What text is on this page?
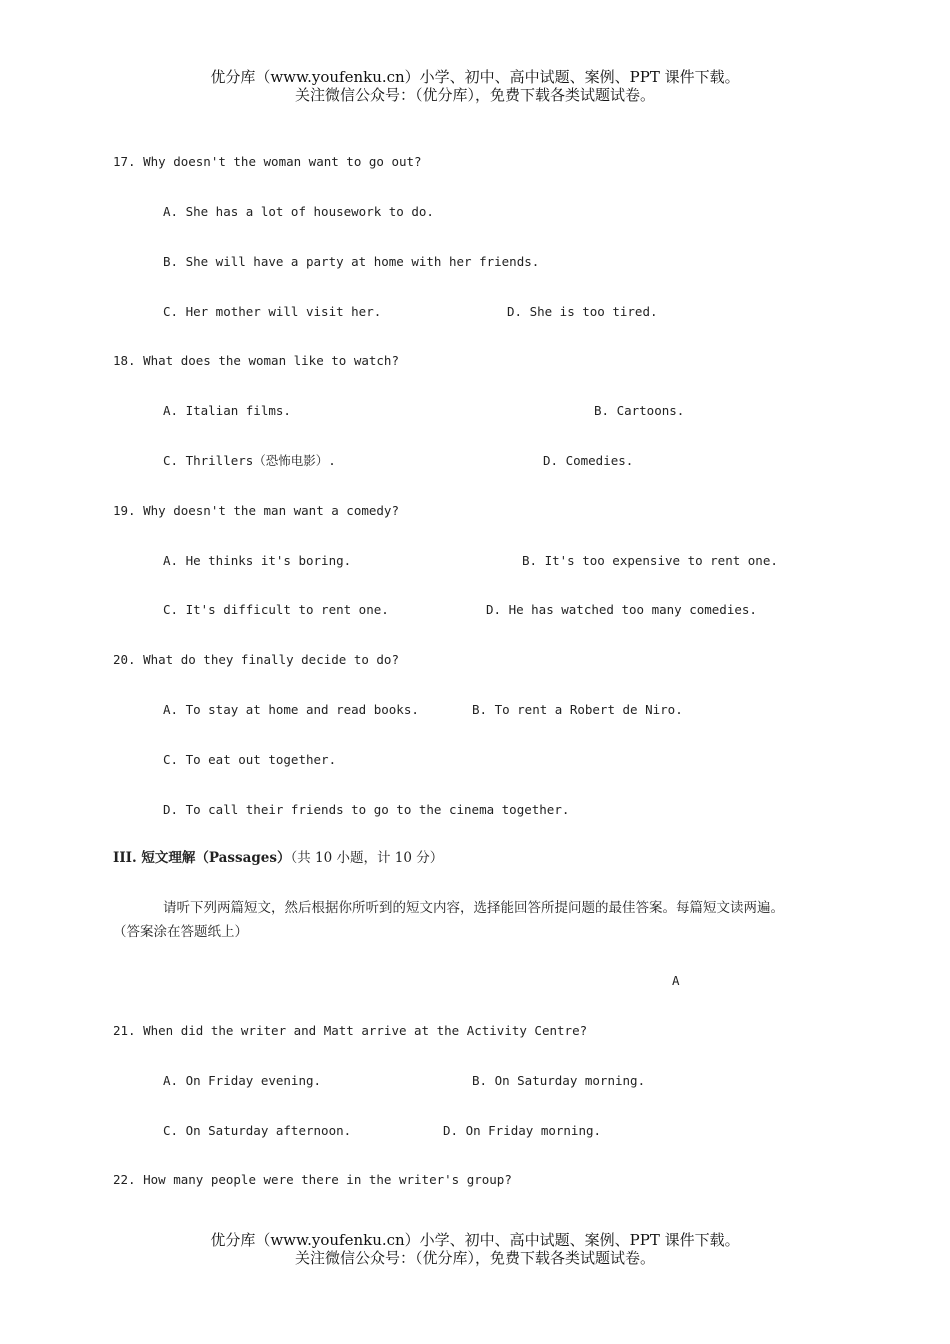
优分库（www.youfenku.cn）小学、初中、高中试题、案例、PPT 课件下载。
关注微信公众号：（优分库），免费下载各类试题试卷。
17. Why doesn't the woman want to go out?
A. She has a lot of housework to do.
B. She will have a party at home with her friends.
C. Her mother will visit her.	D. She is too tired.
18. What does the woman like to watch?
A. Italian films.	B. Cartoons.
C. Thrillers（恐怖电影）.	D. Comedies.
19. Why doesn't the man want a comedy?
A. He thinks it's boring.	B. It's too expensive to rent one.
C. It's difficult to rent one.	D. He has watched too many comedies.
20. What do they finally decide to do?
A. To stay at home and read books.	B. To rent a Robert de Niro.
C. To eat out together.
D. To call their friends to go to the cinema together.
III. 短文理解（Passages）（共 10 小题，计 10 分）
请听下列两篇短文，然后根据你所听到的短文内容，选择能回答所提问题的最佳答案。每篇短文读两遍。
（答案涂在答题纸上）
A
21. When did the writer and Matt arrive at the Activity Centre?
A. On Friday evening.	B. On Saturday morning.
C. On Saturday afternoon.	D. On Friday morning.
22. How many people were there in the writer's group?
优分库（www.youfenku.cn）小学、初中、高中试题、案例、PPT 课件下载。
关注微信公众号：（优分库），免费下载各类试题试卷。
